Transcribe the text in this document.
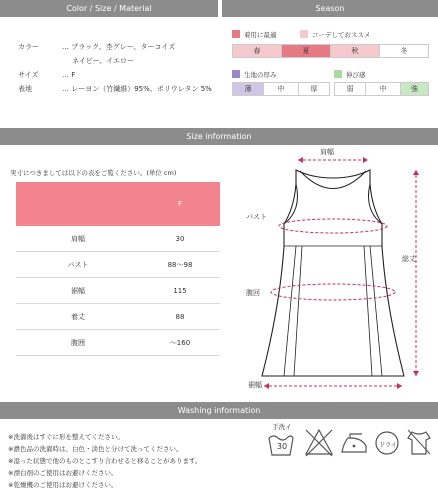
Color / Size / Material	Season
カラー	… ブラック、杢グレー、ターコイズ
ネイビー、イエロー
サイズ	… F
表地	… レーヨン（竹繊維）95%、ポリウレタン 5%
着用に最適	コーデしておススメ
春	夏	秋	冬
生地の厚み	伸び感
薄	中	厚	弱	中	強
Size information
実寸につきましては以下の表をご覧ください。(単位 cm)
	F
肩幅	30
バスト	88〜98
裾幅	115
着丈	88
腹囲	〜160
肩幅
バスト
総丈
腹回
裾幅
Washing information
※洗濯後はすぐに形を整えてください。
※濃色品の洗濯時は、白色・淡色と分けて洗ってください。
※湿った状態で他のものとこすり合わせると移ることがあります。
※漂白剤のご使用はお避けください。
※乾燥機のご使用はお避けください。
手洗イ
30	ドライ
